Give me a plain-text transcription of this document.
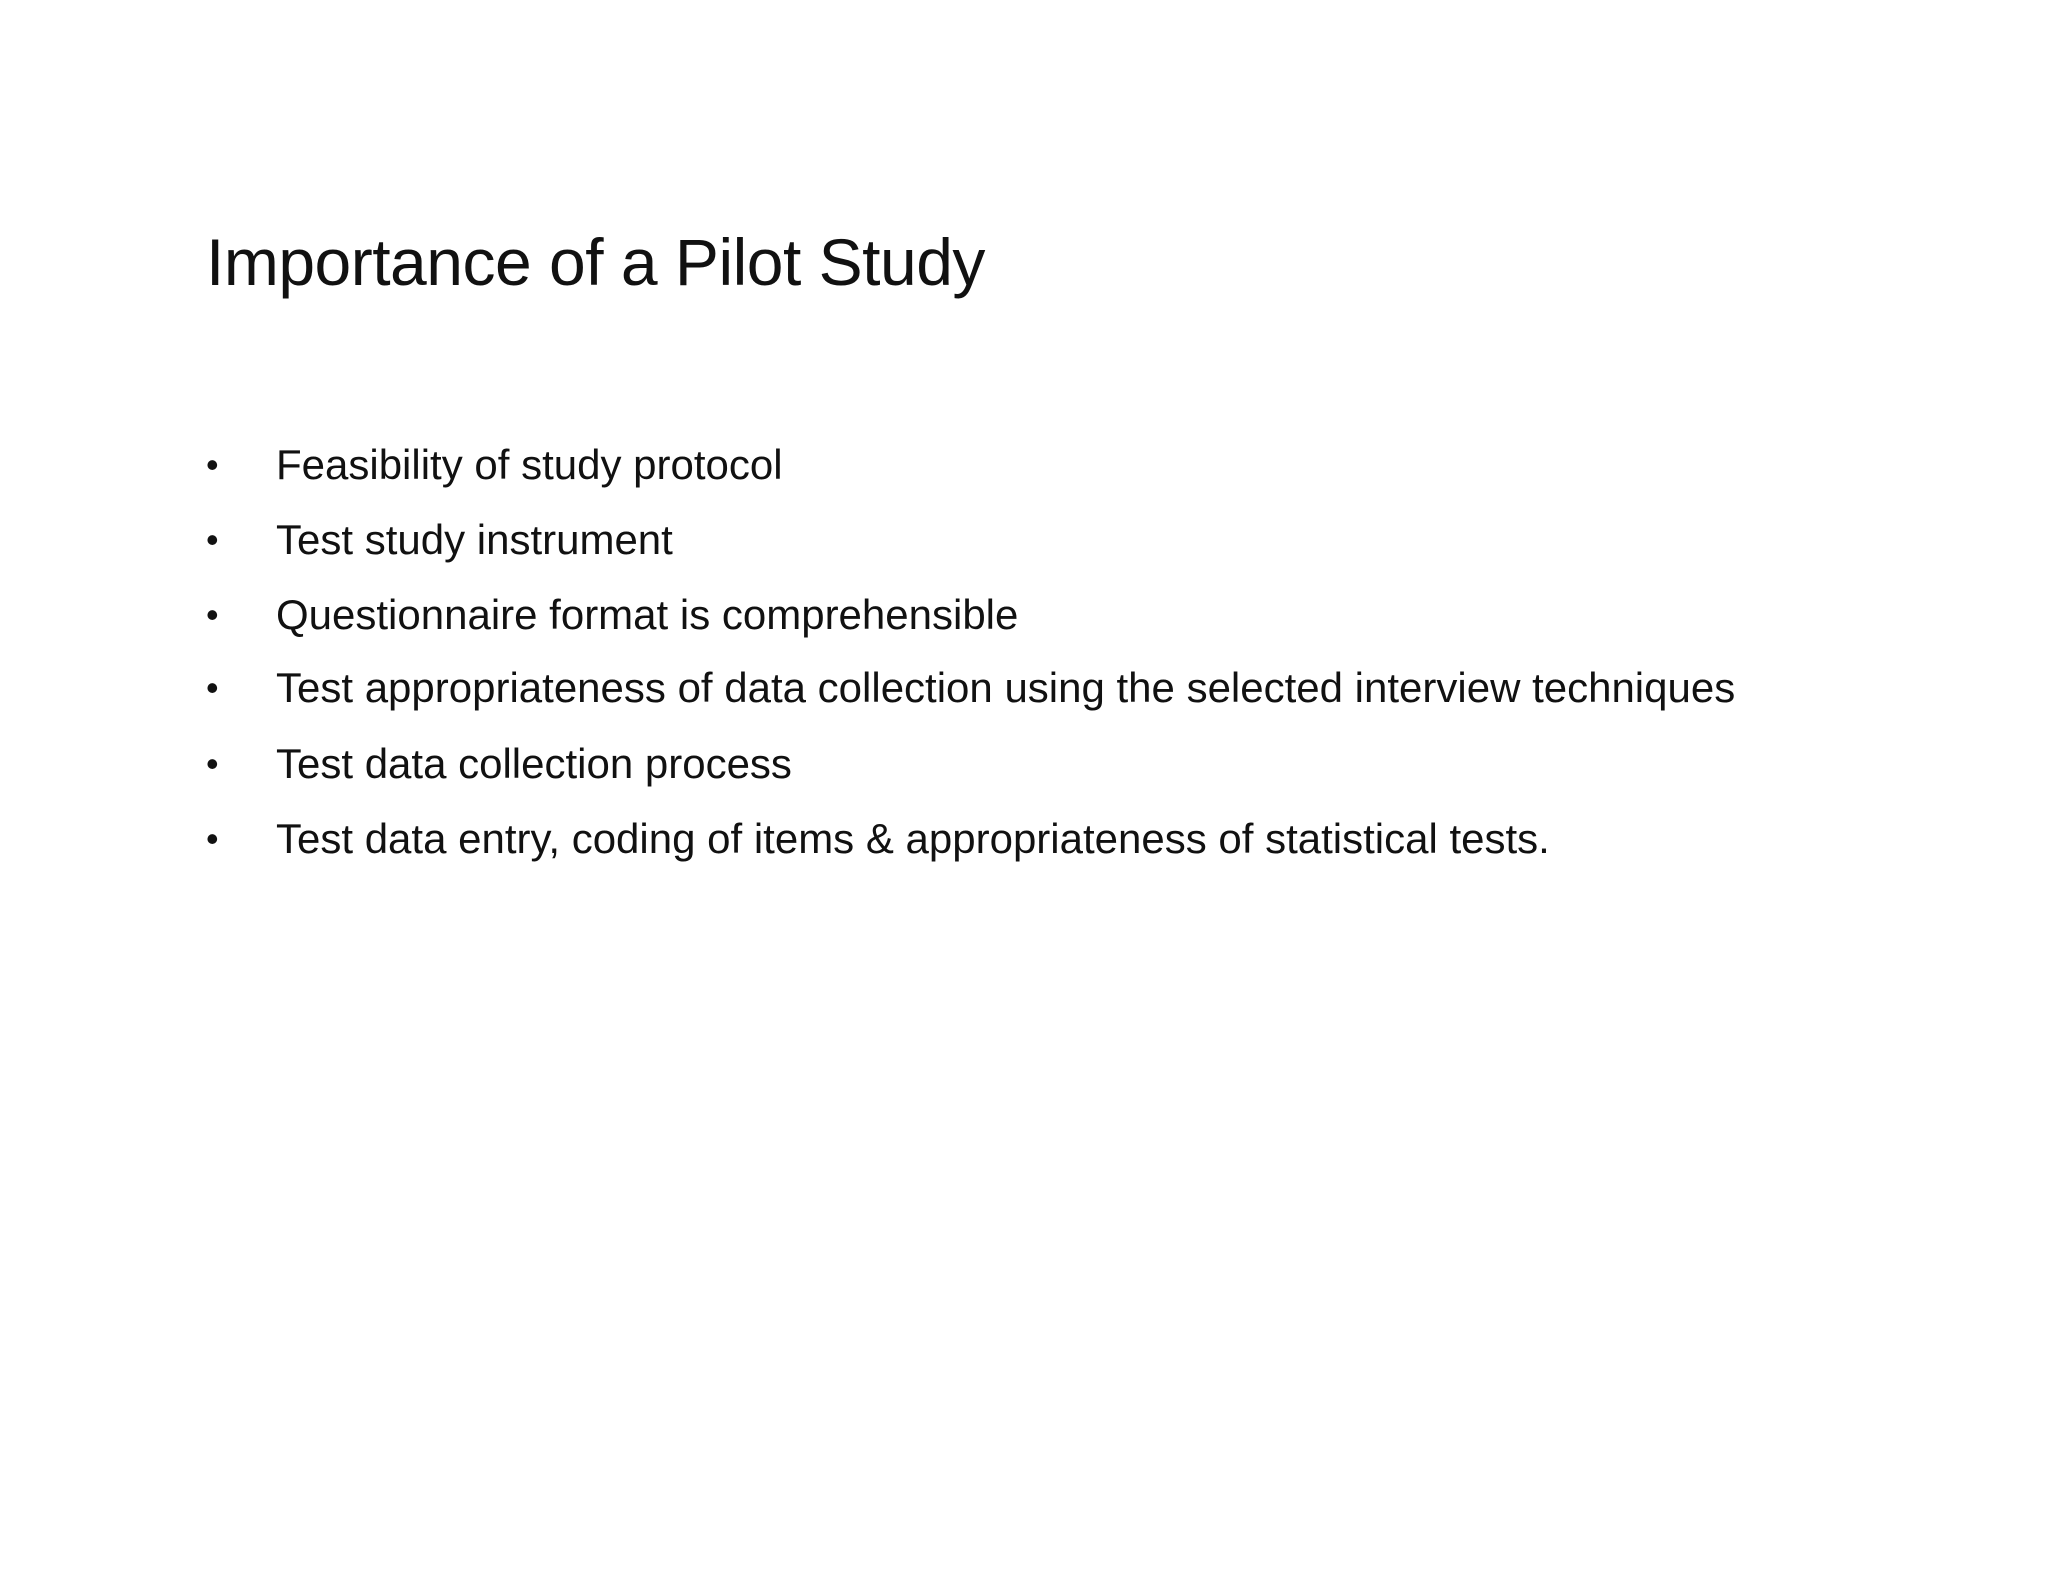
Importance of a Pilot Study
•	Feasibility of study protocol
•	Test study instrument
•	Questionnaire format is comprehensible
•	Test appropriateness of data collection using the selected interview techniques
•	Test data collection process
•	Test data entry, coding of items & appropriateness of statistical tests.
